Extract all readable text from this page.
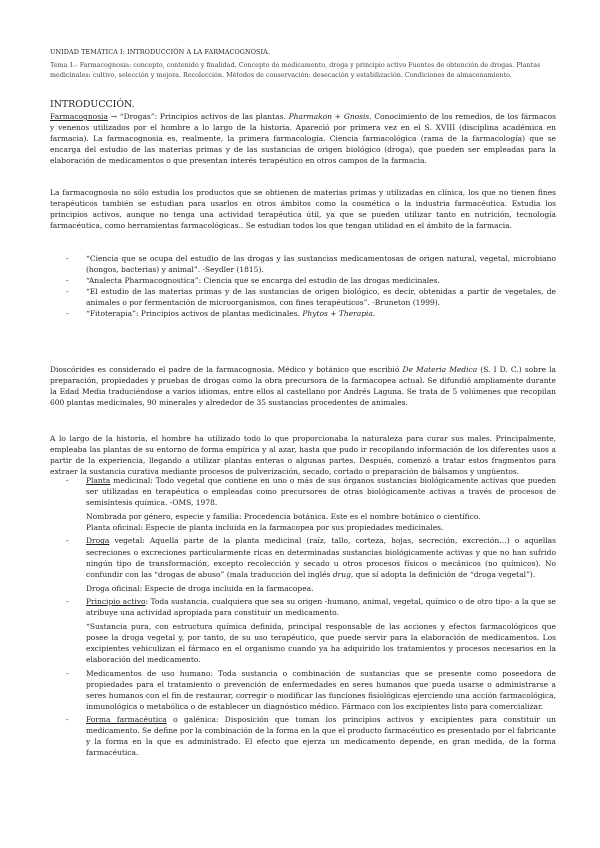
UNIDAD TEMÁTICA I: INTRODUCCIÓN A LA FARMACOGNOSIA.

Tema 1.- Farmacognosia: concepto, contenido y finalidad. Concepto de medicamento, droga y principio activo Fuentes de obtención de drogas. Plantas medicinales: cultivo, selección y mejora. Recolección. Métodos de conservación: desecación y estabilización. Condiciones de almacenamiento.

INTRODUCCIÓN.

Farmacognosia → “Drogas”: Principios activos de las plantas. Pharmakon + Gnosis. Conocimiento de los remedios, de los fármacos y venenos utilizados por el hombre a lo largo de la historia. Apareció por primera vez en el S. XVIII (disciplina académica en farmacia). La farmacognosia es, realmente, la primera farmacología. Ciencia farmacológica (rama de la farmacología) que se encarga del estudio de las materias primas y de las sustancias de origen biológico (droga), que pueden ser empleadas para la elaboración de medicamentos o que presentan interés terapéutico en otros campos de la farmacia.

La farmacognosia no sólo estudia los productos que se obtienen de materias primas y utilizadas en clínica, los que no tienen fines terapéuticos también se estudian para usarlos en otros ámbitos como la cosmética o la industria farmacéutica. Estudia los principios activos, aunque no tenga una actividad terapéutica útil, ya que se pueden utilizar tanto en nutrición, tecnología farmacéutica, como herramientas farmacológicas.. Se estudian todos los que tengan utilidad en el ámbito de la farmacia.

- “Ciencia que se ocupa del estudio de las drogas y las sustancias medicamentosas de origen natural, vegetal, microbiano (hongos, bacterias) y animal”. -Seydler (1815).
- “Analecta Pharmacognostica”: Ciencia que se encarga del estudio de las drogas medicinales.
- “El estudio de las materias primas y de las sustancias de origen biológico, es decir, obtenidas a partir de vegetales, de animales o por fermentación de microorganismos, con fines terapéuticos”. -Bruneton (1999).
- “Fitoterapia”: Principios activos de plantas medicinales. Phytos + Therapia.

Dioscórides es considerado el padre de la farmacognosia. Médico y botánico que escribió De Materia Medica (S. I D. C.) sobre la preparación, propiedades y pruebas de drogas como la obra precursora de la farmacopea actual. Se difundió ampliamente durante la Edad Media traduciéndose a varios idiomas, entre ellos al castellano por Andrés Laguna. Se trata de 5 volúmenes que recopilan 600 plantas medicinales, 90 minerales y alrededor de 35 sustancias procedentes de animales.

A lo largo de la historia, el hombre ha utilizado todo lo que proporcionaba la naturaleza para curar sus males. Principalmente, empleaba las plantas de su entorno de forma empírica y al azar, hasta que pudo ir recopilando información de los diferentes usos a partir de la experiencia, llegando a utilizar plantas enteras o algunas partes. Después, comenzó a tratar estos fragmentos para extraer la sustancia curativa mediante procesos de pulverización, secado, cortado o preparación de bálsamos y ungüentos.

- Planta medicinal: Todo vegetal que contiene en uno o más de sus órganos sustancias biológicamente activas que pueden ser utilizadas en terapéutica o empleadas como precursores de otras biológicamente activas a través de procesos de semisíntesis química. -OMS, 1978.

Nombrada por género, especie y familia: Procedencia botánica. Este es el nombre botánico o científico.

Planta oficinal: Especie de planta incluida en la farmacopea por sus propiedades medicinales.

- Droga vegetal: Aquella parte de la planta medicinal (raíz, tallo, corteza, hojas, secreción, excreción…) o aquellas secreciones o excreciones particularmente ricas en determinadas sustancias biológicamente activas y que no han sufrido ningún tipo de transformación, excepto recolección y secado u otros procesos físicos o mecánicos (no químicos). No confundir con las “drogas de abuso” (mala traducción del inglés drug, que sí adopta la definición de “droga vegetal”).

Droga oficinal: Especie de droga incluida en la farmacopea.

- Principio activo: Toda sustancia, cualquiera que sea su origen -humano, animal, vegetal, químico o de otro tipo- a la que se atribuye una actividad apropiada para constituir un medicamento.

“Sustancia pura, con estructura química definida, principal responsable de las acciones y efectos farmacológicos que posee la droga vegetal y, por tanto, de su uso terapéutico, que puede servir para la elaboración de medicamentos. Los excipientes vehiculizan el fármaco en el organismo cuando ya ha adquirido los tratamientos y procesos necesarios en la elaboración del medicamento.

- Medicamentos de uso humano: Toda sustancia o combinación de sustancias que se presente como poseedora de propiedades para el tratamiento o prevención de enfermedades en seres humanos que pueda usarse o administrarse a seres humanos con el fin de restaurar, corregir o modificar las funciones fisiológicas ejerciendo una acción farmacológica, inmunológica o metabólica o de establecer un diagnóstico médico. Fármaco con los excipientes listo para comercializar.
- Forma farmacéutica o galénica: Disposición que toman los principios activos y excipientes para constituir un medicamento. Se define por la combinación de la forma en la que el producto farmacéutico es presentado por el fabricante y la forma en la que es administrado. El efecto que ejerza un medicamento depende, en gran medida, de la forma farmacéutica.
